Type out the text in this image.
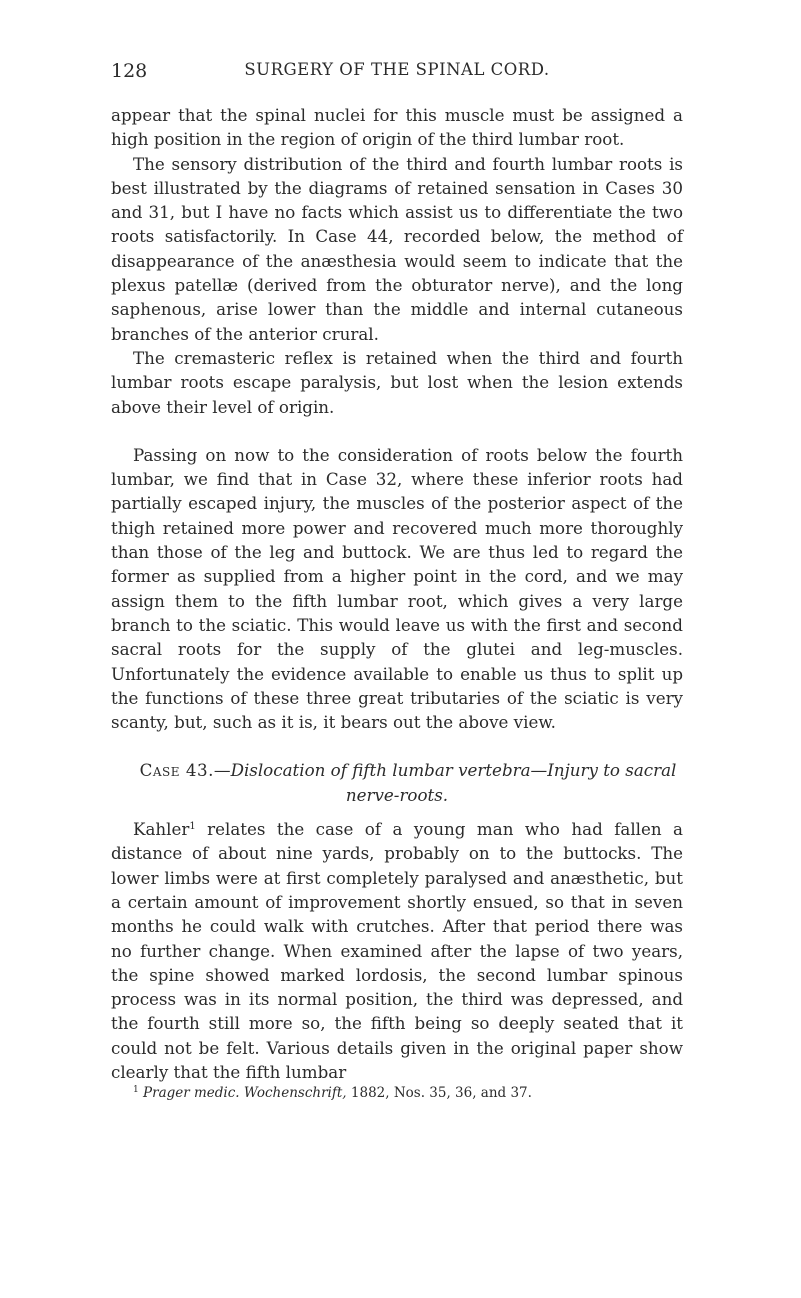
128	SURGERY OF THE SPINAL CORD.

appear that the spinal nuclei for this muscle must be assigned a high position in the region of origin of the third lumbar root.

The sensory distribution of the third and fourth lumbar roots is best illustrated by the diagrams of retained sensation in Cases 30 and 31, but I have no facts which assist us to differentiate the two roots satisfactorily. In Case 44, recorded below, the method of disappearance of the anæsthesia would seem to indicate that the plexus patellæ (derived from the obturator nerve), and the long saphenous, arise lower than the middle and internal cutaneous branches of the anterior crural.

The cremasteric reflex is retained when the third and fourth lumbar roots escape paralysis, but lost when the lesion extends above their level of origin.

Passing on now to the consideration of roots below the fourth lumbar, we find that in Case 32, where these inferior roots had partially escaped injury, the muscles of the posterior aspect of the thigh retained more power and recovered much more thoroughly than those of the leg and buttock. We are thus led to regard the former as supplied from a higher point in the cord, and we may assign them to the fifth lumbar root, which gives a very large branch to the sciatic. This would leave us with the first and second sacral roots for the supply of the glutei and leg-muscles. Unfortunately the evidence available to enable us thus to split up the functions of these three great tributaries of the sciatic is very scanty, but, such as it is, it bears out the above view.

Case 43.—Dislocation of fifth lumbar vertebra—Injury to sacral
nerve-roots.

Kahler$^1$ relates the case of a young man who had fallen a distance of about nine yards, probably on to the buttocks. The lower limbs were at first completely paralysed and anæsthetic, but a certain amount of improvement shortly ensued, so that in seven months he could walk with crutches. After that period there was no further change. When examined after the lapse of two years, the spine showed marked lordosis, the second lumbar spinous process was in its normal position, the third was depressed, and the fourth still more so, the fifth being so deeply seated that it could not be felt. Various details given in the original paper show clearly that the fifth lumbar

$^1$ Prager medic. Wochenschrift, 1882, Nos. 35, 36, and 37.
